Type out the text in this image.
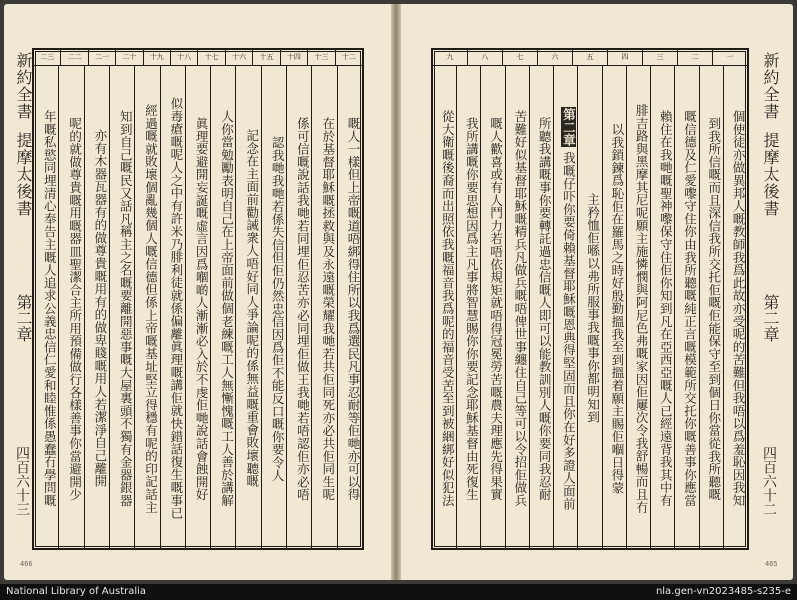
新約全書
提摩太後書
第二章
四百六十三
十二
十三
十四
十五
十六
十七
十八
十九
二十
二一
二二
二三
嘅人一樣但上帝嘅道唔綁得住所以我爲選民凡事忍耐等佢哋亦可以得
在於基督耶穌嘅拯救與及永遠嘅榮耀我哋若共佢同死亦必共佢同生呢
係可信嘅說話我哋若同埋佢忍苦亦必同埋佢做王我哋若唔認佢亦必唔
認我哋我哋若係失信但佢仍然忠信因爲佢不能反口嘅你要令人
記念在主面前勸誡衆人唔好同人爭論呢的係無益嘅重會敗壞聽嘅
人你當勉勵表明自己在上帝面前做個老練嘅工人無慚愧嘅工人善於講解
眞理要避開妄誕嘅虛言因爲嗰啲人漸漸必入於不虔佢哋說話會蝕開好
似毒瘡嘅呢人之中有許米乃腓利徒就係偏離眞理嘅講佢就快錯話復生嘅事已
經過嘅就敗壞個亂幾個人嘅信德但係上帝嘅基址堅立得穩有呢的印記話主
知到自己嘅民又話凡稱主之名嘅要離開惡事嘅大屋裏頭不獨有金器銀器
亦有木器瓦器有的做尊貴嘅用有的做卑賤嘅用人若潔淨自己離開
呢的就做尊貴嘅用嘅器皿聖潔合主所用預備做行各樣善事你當避開少
年嘅私慾同埋清心奉告主嘅人追求公義忠信仁愛和睦惟係愚蠢冇學問嘅
466
一
二
三
四
五
六
七
八
九
個使徒亦做異邦人嘅教師我爲此故亦受呢的苦難但我唔以爲羞恥因我知
到我所信嘅而且深信我所交托佢嘅佢能保守至到個日你當從我所聽嘅
嘅信德及仁愛嚟守住你由我所聽嘅純正言嘅模範所交托你嘅善事你應當
賴住在我哋嘅聖神嚟保守住佢你知到凡在亞西亞嘅人已經遠背我其中有
腓吉路與黑摩其尼呢願主施憐憫與阿尼色弗嘅家因佢屢次令我舒暢而且冇
以我鎖鍊爲恥佢在羅馬之時好殷勤搵我至到搵着願主賜佢嗰日得蒙
主矜恤佢喺以弗所服事我嘅事你都明知到
第二章 我嘅仔吓你要倚賴基督耶穌嘅恩典得堅固而且你在好多證人面前
所聽我講嘅事你要轉託過忠信嘅人即可以能教訓別人嘅你要同我忍耐
苦難好似基督耶穌嘅精兵凡做兵嘅唔俾世事纏住自己等可以令招佢做兵
嘅人歡喜或有人鬥力若唔依規矩就唔得冠冕勞苦嘅農夫理應先得果實
我所講嘅你要思想因爲主凡事將智慧賜你你要記念耶穌基督由死復生
從大衛嘅後裔而出照依我嘅福音我爲呢的福音受苦至到被綑綁好似犯法
新約全書
提摩太後書
第二章
四百六十二
465
National Library of Australia	nla.gen-vn2023485-s235-e
